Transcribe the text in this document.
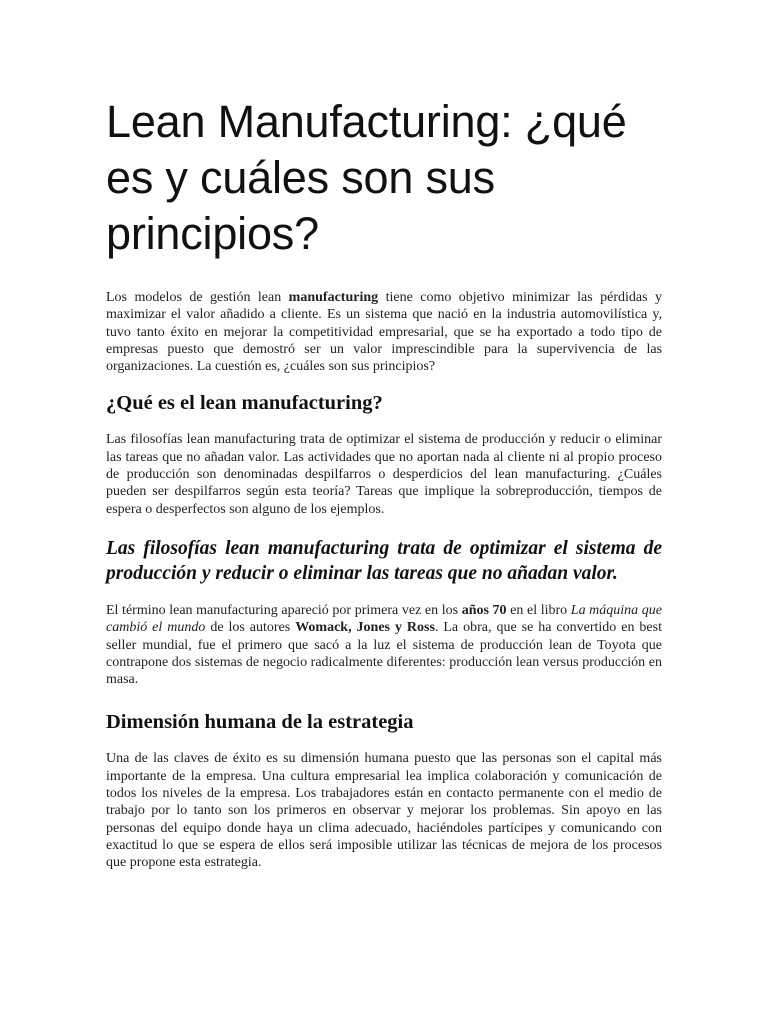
Lean Manufacturing: ¿qué es y cuáles son sus principios?

Los modelos de gestión lean manufacturing tiene como objetivo minimizar las pérdidas y maximizar el valor añadido a cliente. Es un sistema que nació en la industria automovilística y, tuvo tanto éxito en mejorar la competitividad empresarial, que se ha exportado a todo tipo de empresas puesto que demostró ser un valor imprescindible para la supervivencia de las organizaciones. La cuestión es, ¿cuáles son sus principios?

¿Qué es el lean manufacturing?

Las filosofías lean manufacturing trata de optimizar el sistema de producción y reducir o eliminar las tareas que no añadan valor. Las actividades que no aportan nada al cliente ni al propio proceso de producción son denominadas despilfarros o desperdicios del lean manufacturing. ¿Cuáles pueden ser despilfarros según esta teoría? Tareas que implique la sobreproducción, tiempos de espera o desperfectos son alguno de los ejemplos.

Las filosofías lean manufacturing trata de optimizar el sistema de producción y reducir o eliminar las tareas que no añadan valor.

El término lean manufacturing apareció por primera vez en los años 70 en el libro La máquina que cambió el mundo de los autores Womack, Jones y Ross. La obra, que se ha convertido en best seller mundial, fue el primero que sacó a la luz el sistema de producción lean de Toyota que contrapone dos sistemas de negocio radicalmente diferentes: producción lean versus producción en masa.

Dimensión humana de la estrategia

Una de las claves de éxito es su dimensión humana puesto que las personas son el capital más importante de la empresa. Una cultura empresarial lea implica colaboración y comunicación de todos los niveles de la empresa. Los trabajadores están en contacto permanente con el medio de trabajo por lo tanto son los primeros en observar y mejorar los problemas. Sin apoyo en las personas del equipo donde haya un clima adecuado, haciéndoles partícipes y comunicando con exactitud lo que se espera de ellos será imposible utilizar las técnicas de mejora de los procesos que propone esta estrategia.
